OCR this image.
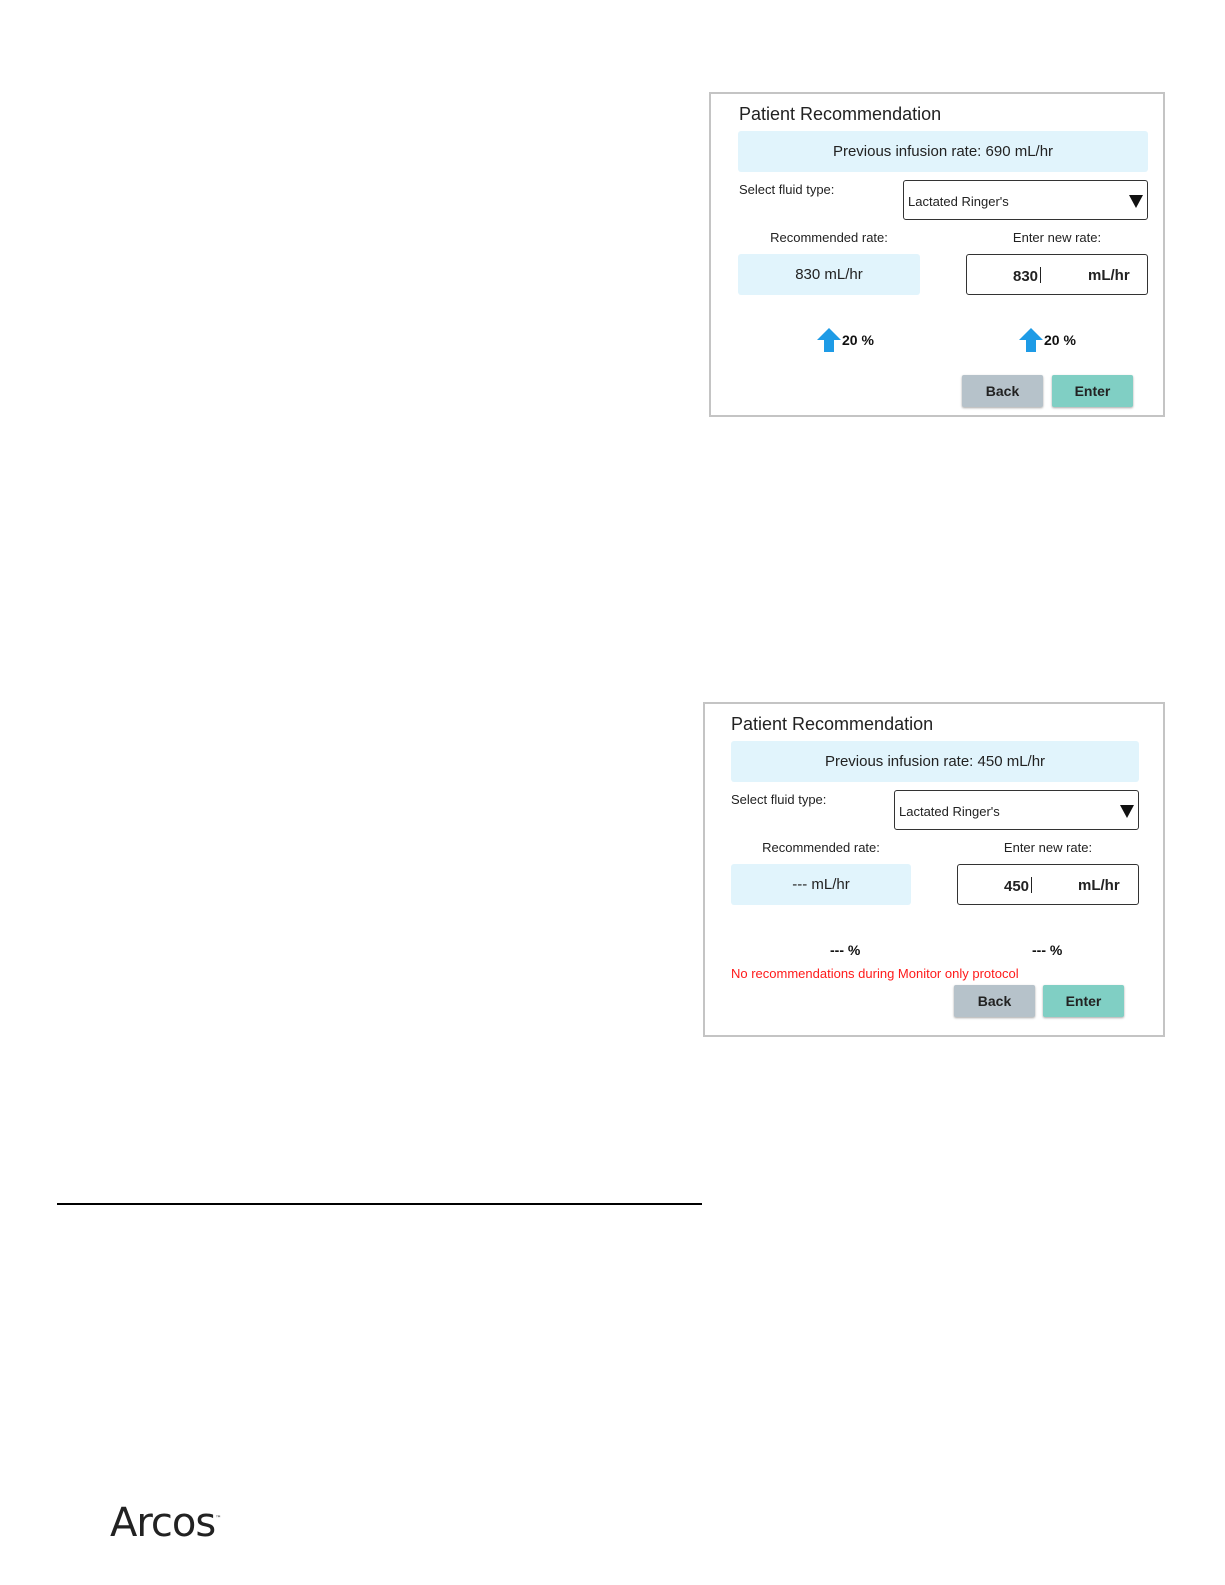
Patient Recommendation
Previous infusion rate: 690 mL/hr
Select fluid type:
Lactated Ringer's
Recommended rate:	Enter new rate:
830 mL/hr	830	mL/hr
20 %	20 %
Back	Enter
Patient Recommendation
Previous infusion rate: 450 mL/hr
Select fluid type:
Lactated Ringer's
Recommended rate:	Enter new rate:
--- mL/hr	450	mL/hr
--- %	--- %
No recommendations during Monitor only protocol
Back	Enter
Arcos™
